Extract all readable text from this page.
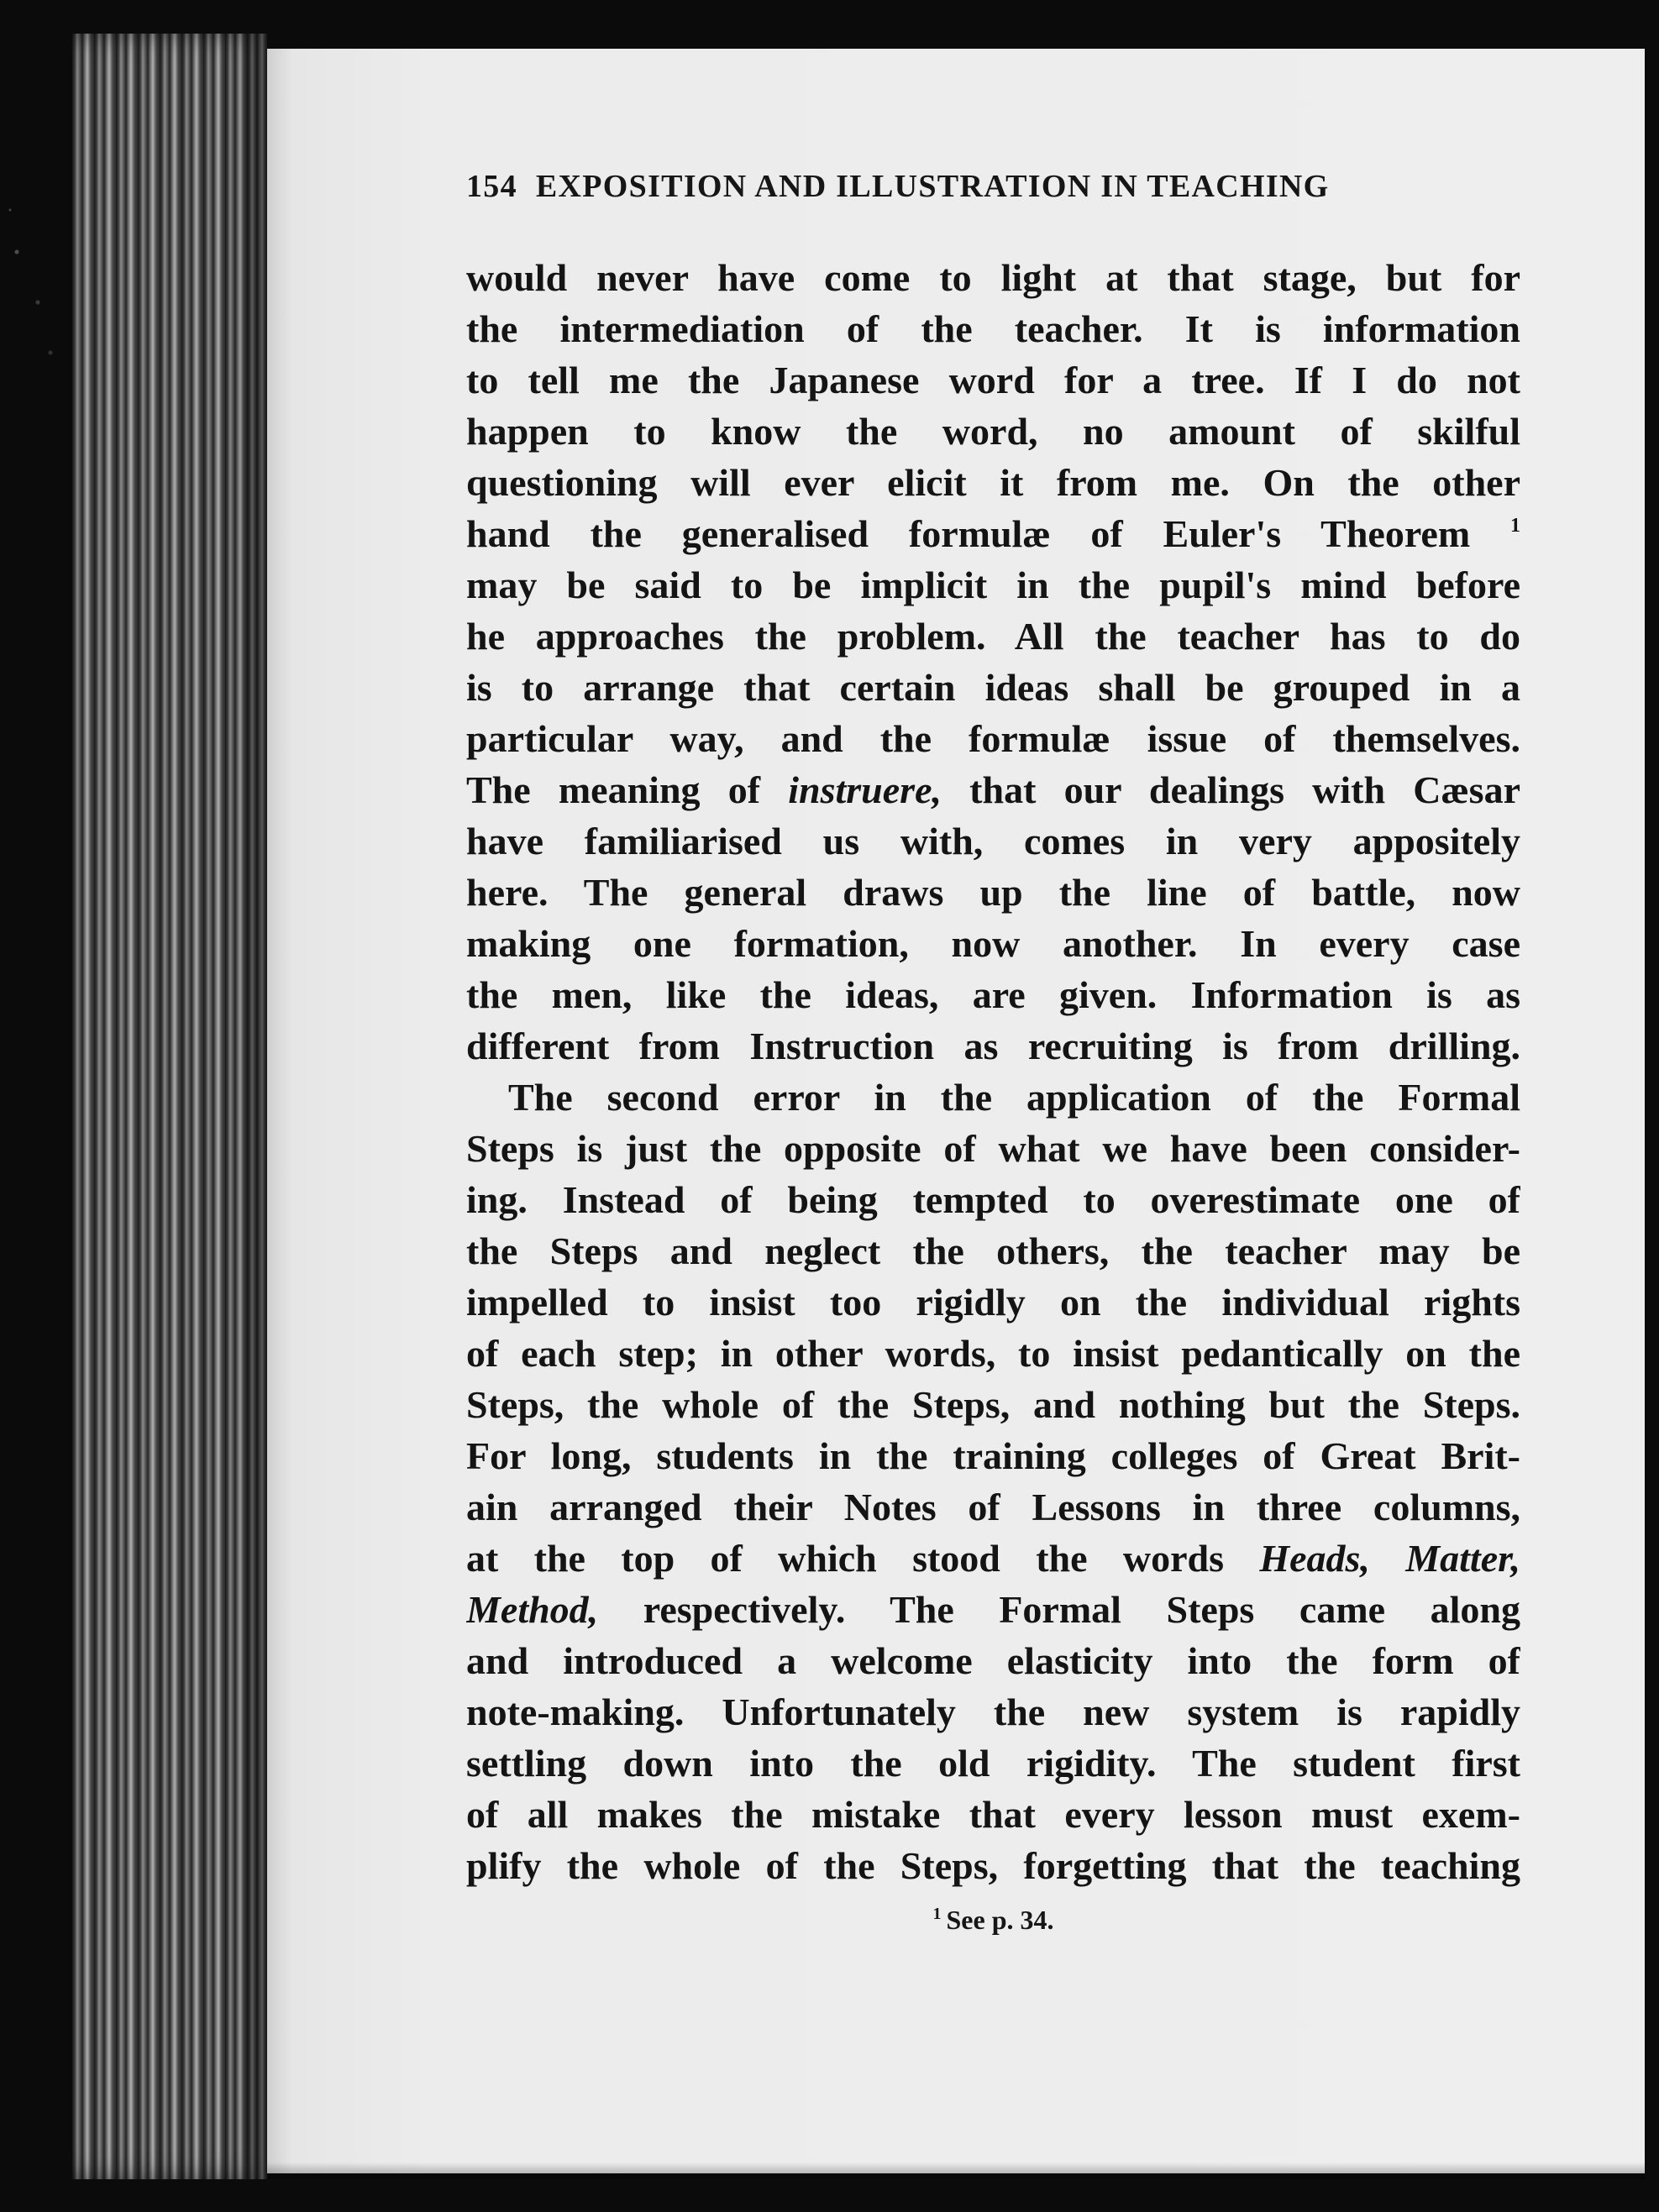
154 EXPOSITION AND ILLUSTRATION IN TEACHING
would never have come to light at that stage, but for
the intermediation of the teacher. It is information
to tell me the Japanese word for a tree. If I do not
happen to know the word, no amount of skilful
questioning will ever elicit it from me. On the other
hand the generalised formulæ of Euler's Theorem $^1$
may be said to be implicit in the pupil's mind before
he approaches the problem. All the teacher has to do
is to arrange that certain ideas shall be grouped in a
particular way, and the formulæ issue of themselves.
The meaning of instruere, that our dealings with Cæsar
have familiarised us with, comes in very appositely
here. The general draws up the line of battle, now
making one formation, now another. In every case
the men, like the ideas, are given. Information is as
different from Instruction as recruiting is from drilling.
The second error in the application of the Formal
Steps is just the opposite of what we have been consider-
ing. Instead of being tempted to overestimate one of
the Steps and neglect the others, the teacher may be
impelled to insist too rigidly on the individual rights
of each step; in other words, to insist pedantically on the
Steps, the whole of the Steps, and nothing but the Steps.
For long, students in the training colleges of Great Brit-
ain arranged their Notes of Lessons in three columns,
at the top of which stood the words Heads, Matter,
Method, respectively. The Formal Steps came along
and introduced a welcome elasticity into the form of
note-making. Unfortunately the new system is rapidly
settling down into the old rigidity. The student first
of all makes the mistake that every lesson must exem-
plify the whole of the Steps, forgetting that the teaching
$^1$ See p. 34.
